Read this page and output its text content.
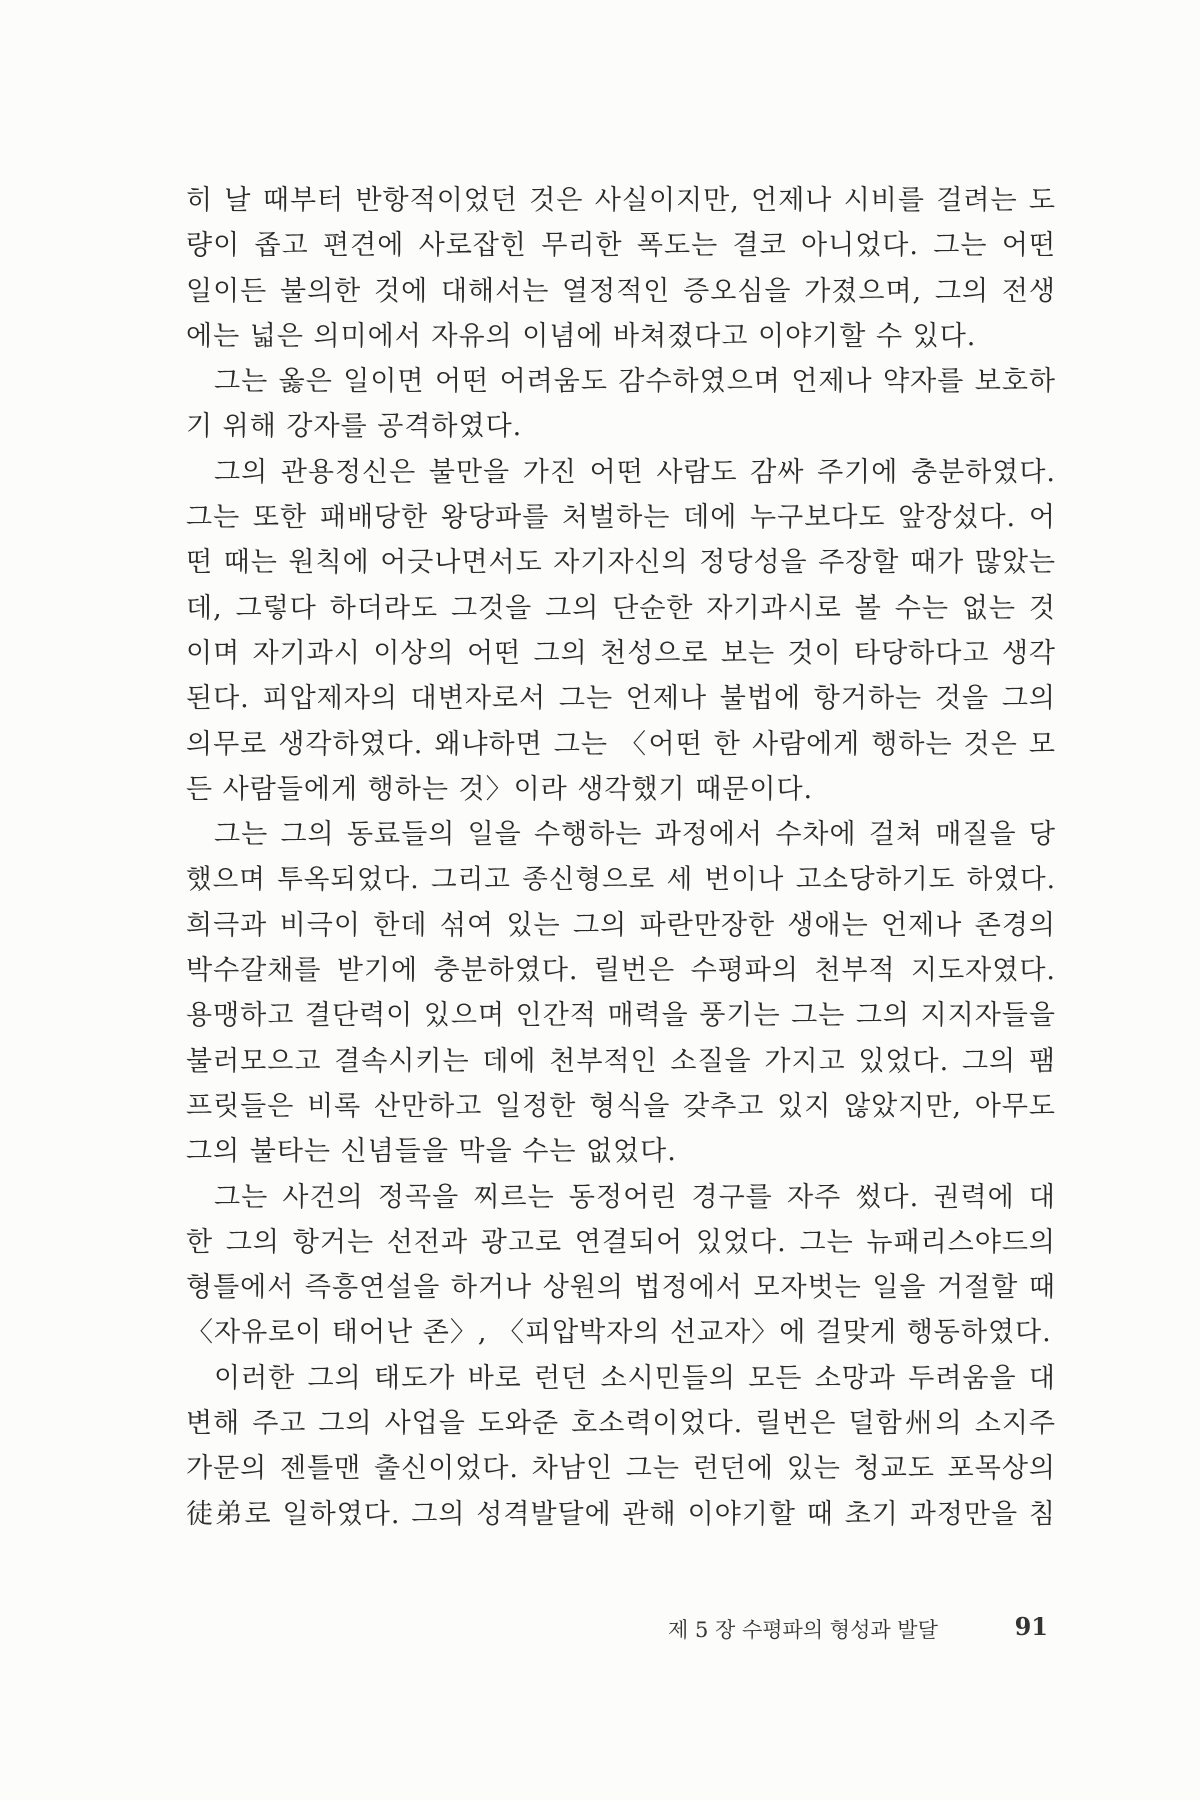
히 날 때부터 반항적이었던 것은 사실이지만, 언제나 시비를 걸려는 도
량이 좁고 편견에 사로잡힌 무리한 폭도는 결코 아니었다. 그는 어떤
일이든 불의한 것에 대해서는 열정적인 증오심을 가졌으며, 그의 전생
에는 넓은 의미에서 자유의 이념에 바쳐졌다고 이야기할 수 있다.
그는 옳은 일이면 어떤 어려움도 감수하였으며 언제나 약자를 보호하
기 위해 강자를 공격하였다.
그의 관용정신은 불만을 가진 어떤 사람도 감싸 주기에 충분하였다.
그는 또한 패배당한 왕당파를 처벌하는 데에 누구보다도 앞장섰다. 어
떤 때는 원칙에 어긋나면서도 자기자신의 정당성을 주장할 때가 많았는
데, 그렇다 하더라도 그것을 그의 단순한 자기과시로 볼 수는 없는 것
이며 자기과시 이상의 어떤 그의 천성으로 보는 것이 타당하다고 생각
된다. 피압제자의 대변자로서 그는 언제나 불법에 항거하는 것을 그의
의무로 생각하였다. 왜냐하면 그는 〈어떤 한 사람에게 행하는 것은 모
든 사람들에게 행하는 것〉이라 생각했기 때문이다.
그는 그의 동료들의 일을 수행하는 과정에서 수차에 걸쳐 매질을 당
했으며 투옥되었다. 그리고 종신형으로 세 번이나 고소당하기도 하였다.
희극과 비극이 한데 섞여 있는 그의 파란만장한 생애는 언제나 존경의
박수갈채를 받기에 충분하였다. 릴번은 수평파의 천부적 지도자였다.
용맹하고 결단력이 있으며 인간적 매력을 풍기는 그는 그의 지지자들을
불러모으고 결속시키는 데에 천부적인 소질을 가지고 있었다. 그의 팸
프릿들은 비록 산만하고 일정한 형식을 갖추고 있지 않았지만, 아무도
그의 불타는 신념들을 막을 수는 없었다.
그는 사건의 정곡을 찌르는 동정어린 경구를 자주 썼다. 권력에 대
한 그의 항거는 선전과 광고로 연결되어 있었다. 그는 뉴패리스야드의
형틀에서 즉흥연설을 하거나 상원의 법정에서 모자벗는 일을 거절할 때
〈자유로이 태어난 존〉, 〈피압박자의 선교자〉에 걸맞게 행동하였다.
이러한 그의 태도가 바로 런던 소시민들의 모든 소망과 두려움을 대
변해 주고 그의 사업을 도와준 호소력이었다. 릴번은 덜함州의 소지주
가문의 젠틀맨 출신이었다. 차남인 그는 런던에 있는 청교도 포목상의
徒弟로 일하였다. 그의 성격발달에 관해 이야기할 때 초기 과정만을 침
제 5 장 수평파의 형성과 발달	91
